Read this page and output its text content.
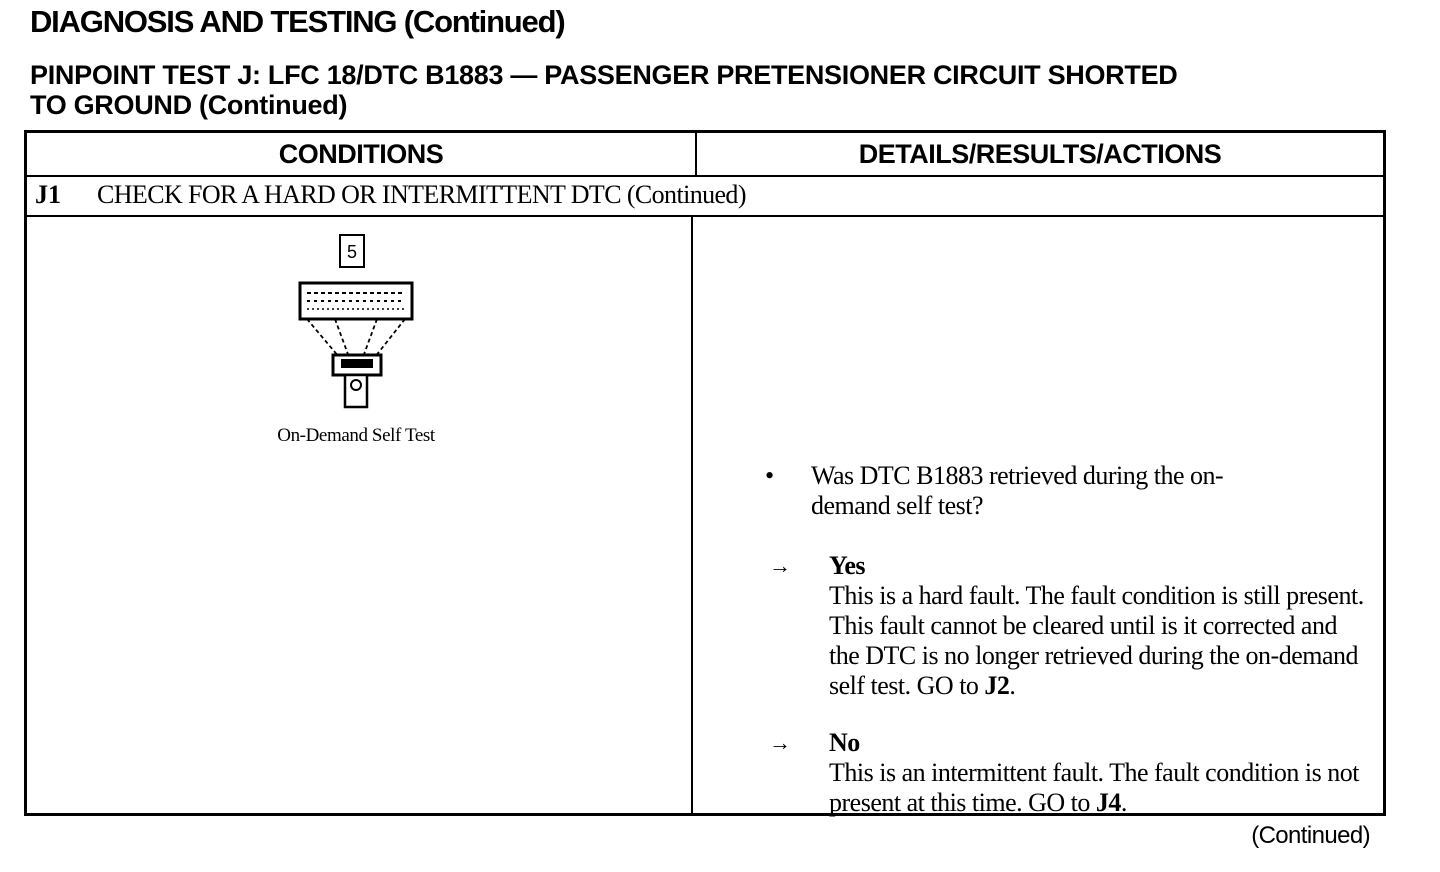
DIAGNOSIS AND TESTING (Continued)
PINPOINT TEST J: LFC 18/DTC B1883 — PASSENGER PRETENSIONER CIRCUIT SHORTED
TO GROUND (Continued)
CONDITIONS	DETAILS/RESULTS/ACTIONS
J1 CHECK FOR A HARD OR INTERMITTENT DTC (Continued)
5
On-Demand Self Test
• Was DTC B1883 retrieved during the on-demand self test?
→ Yes
This is a hard fault. The fault condition is still present. This fault cannot be cleared until is it corrected and the DTC is no longer retrieved during the on-demand self test. GO to J2.
→ No
This is an intermittent fault. The fault condition is not present at this time. GO to J4.
(Continued)
